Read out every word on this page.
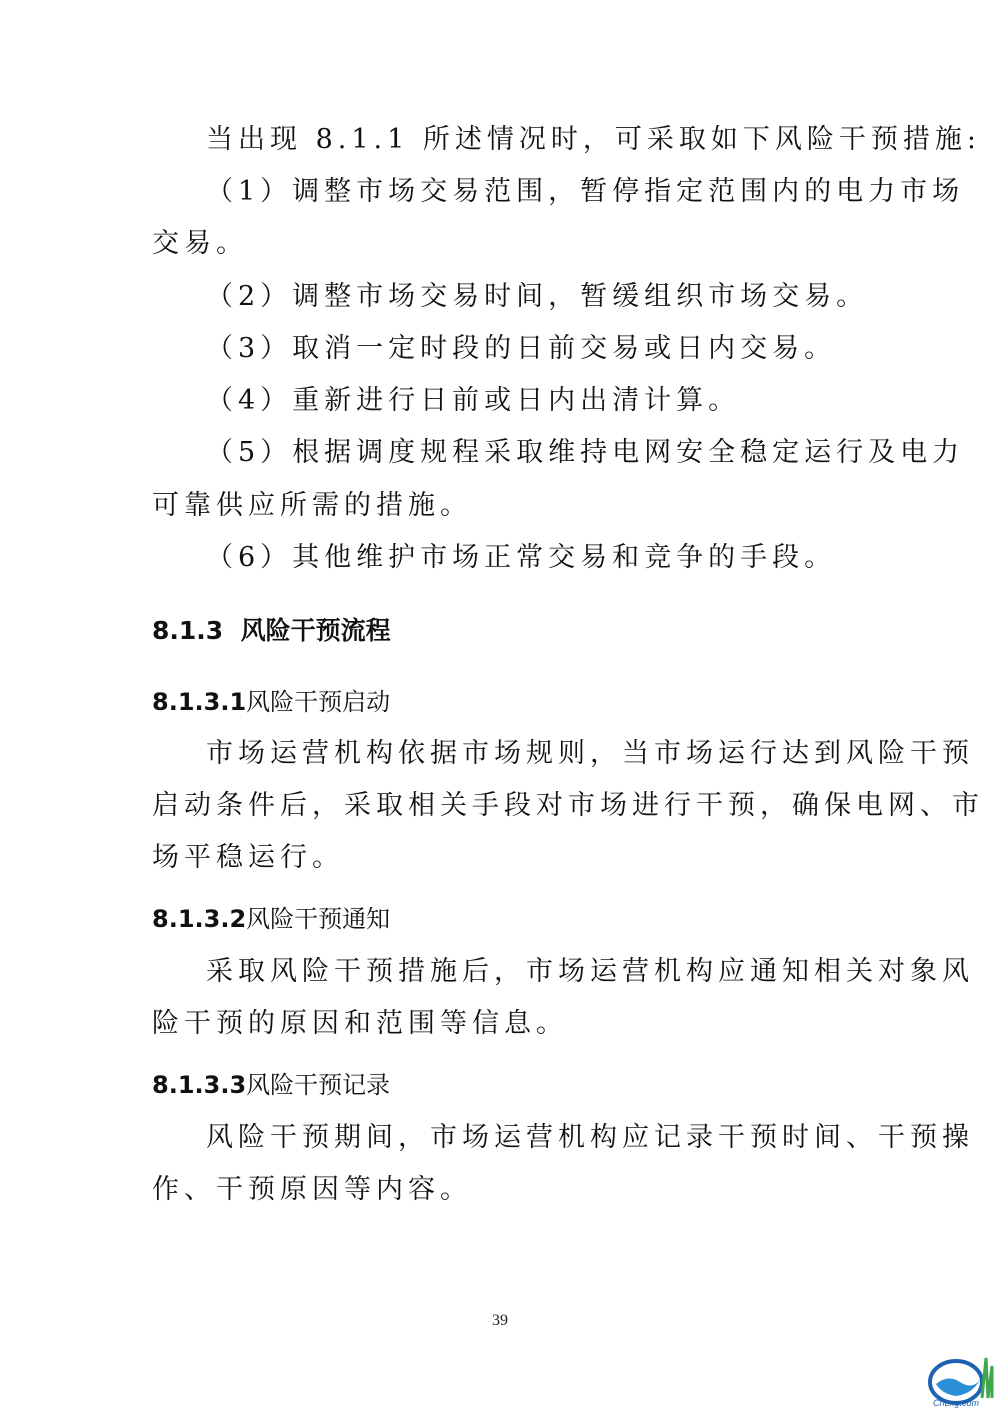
当出现 8.1.1 所述情况时，可采取如下风险干预措施:
（1）调整市场交易范围，暂停指定范围内的电力市场
交易。
（2）调整市场交易时间，暂缓组织市场交易。
（3）取消一定时段的日前交易或日内交易。
（4）重新进行日前或日内出清计算。
（5）根据调度规程采取维持电网安全稳定运行及电力
可靠供应所需的措施。
（6）其他维护市场正常交易和竞争的手段。
8.1.3 风险干预流程
8.1.3.1风险干预启动
市场运营机构依据市场规则，当市场运行达到风险干预
启动条件后，采取相关手段对市场进行干预，确保电网、市
场平稳运行。
8.1.3.2风险干预通知
采取风险干预措施后，市场运营机构应通知相关对象风
险干预的原因和范围等信息。
8.1.3.3风险干预记录
风险干预期间，市场运营机构应记录干预时间、干预操
作、干预原因等内容。
39
CnLng.com
